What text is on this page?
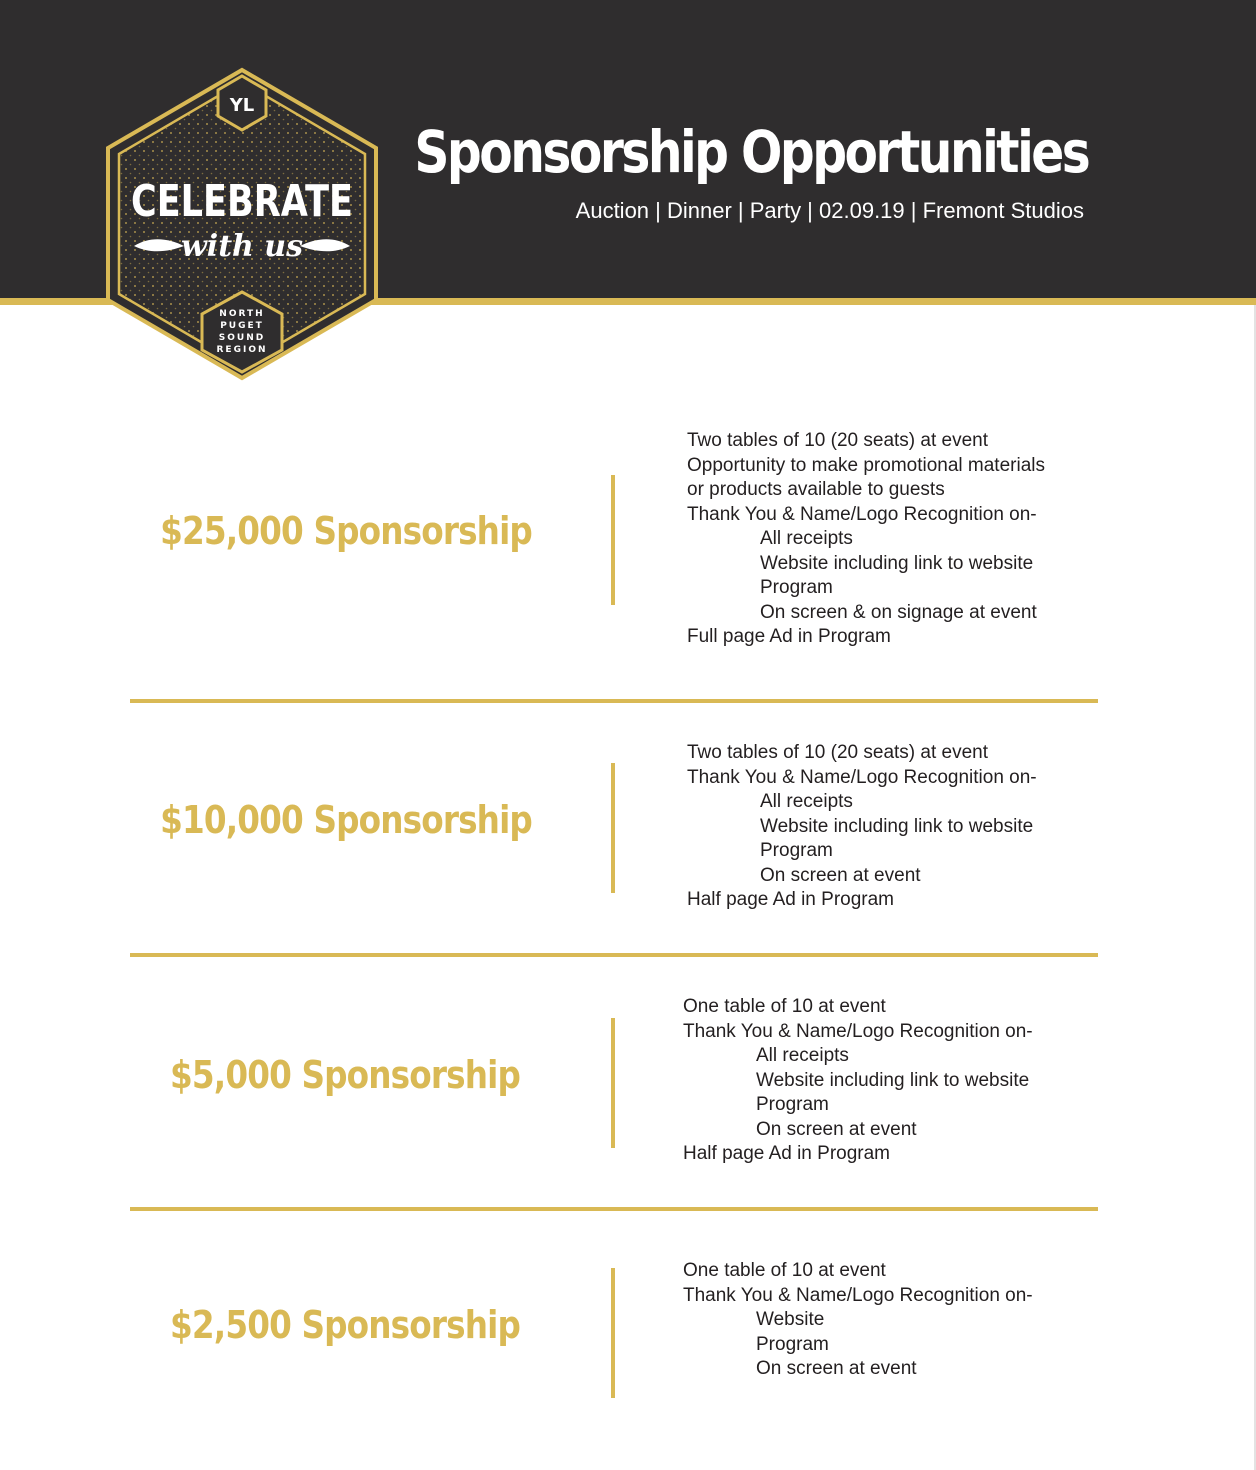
Sponsorship Opportunities

Auction | Dinner | Party | 02.09.19 | Fremont Studios

YL
CELEBRATE
with us
NORTH
PUGET
SOUND
REGION
$25,000 Sponsorship
Two tables of 10 (20 seats) at event
Opportunity to make promotional materials
or products available to guests
Thank You & Name/Logo Recognition on-
All receipts
Website including link to website
Program
On screen & on signage at event
Full page Ad in Program
$10,000 Sponsorship
Two tables of 10 (20 seats) at event
Thank You & Name/Logo Recognition on-
All receipts
Website including link to website
Program
On screen at event
Half page Ad in Program
$5,000 Sponsorship
One table of 10 at event
Thank You & Name/Logo Recognition on-
All receipts
Website including link to website
Program
On screen at event
Half page Ad in Program
$2,500 Sponsorship
One table of 10 at event
Thank You & Name/Logo Recognition on-
Website
Program
On screen at event
